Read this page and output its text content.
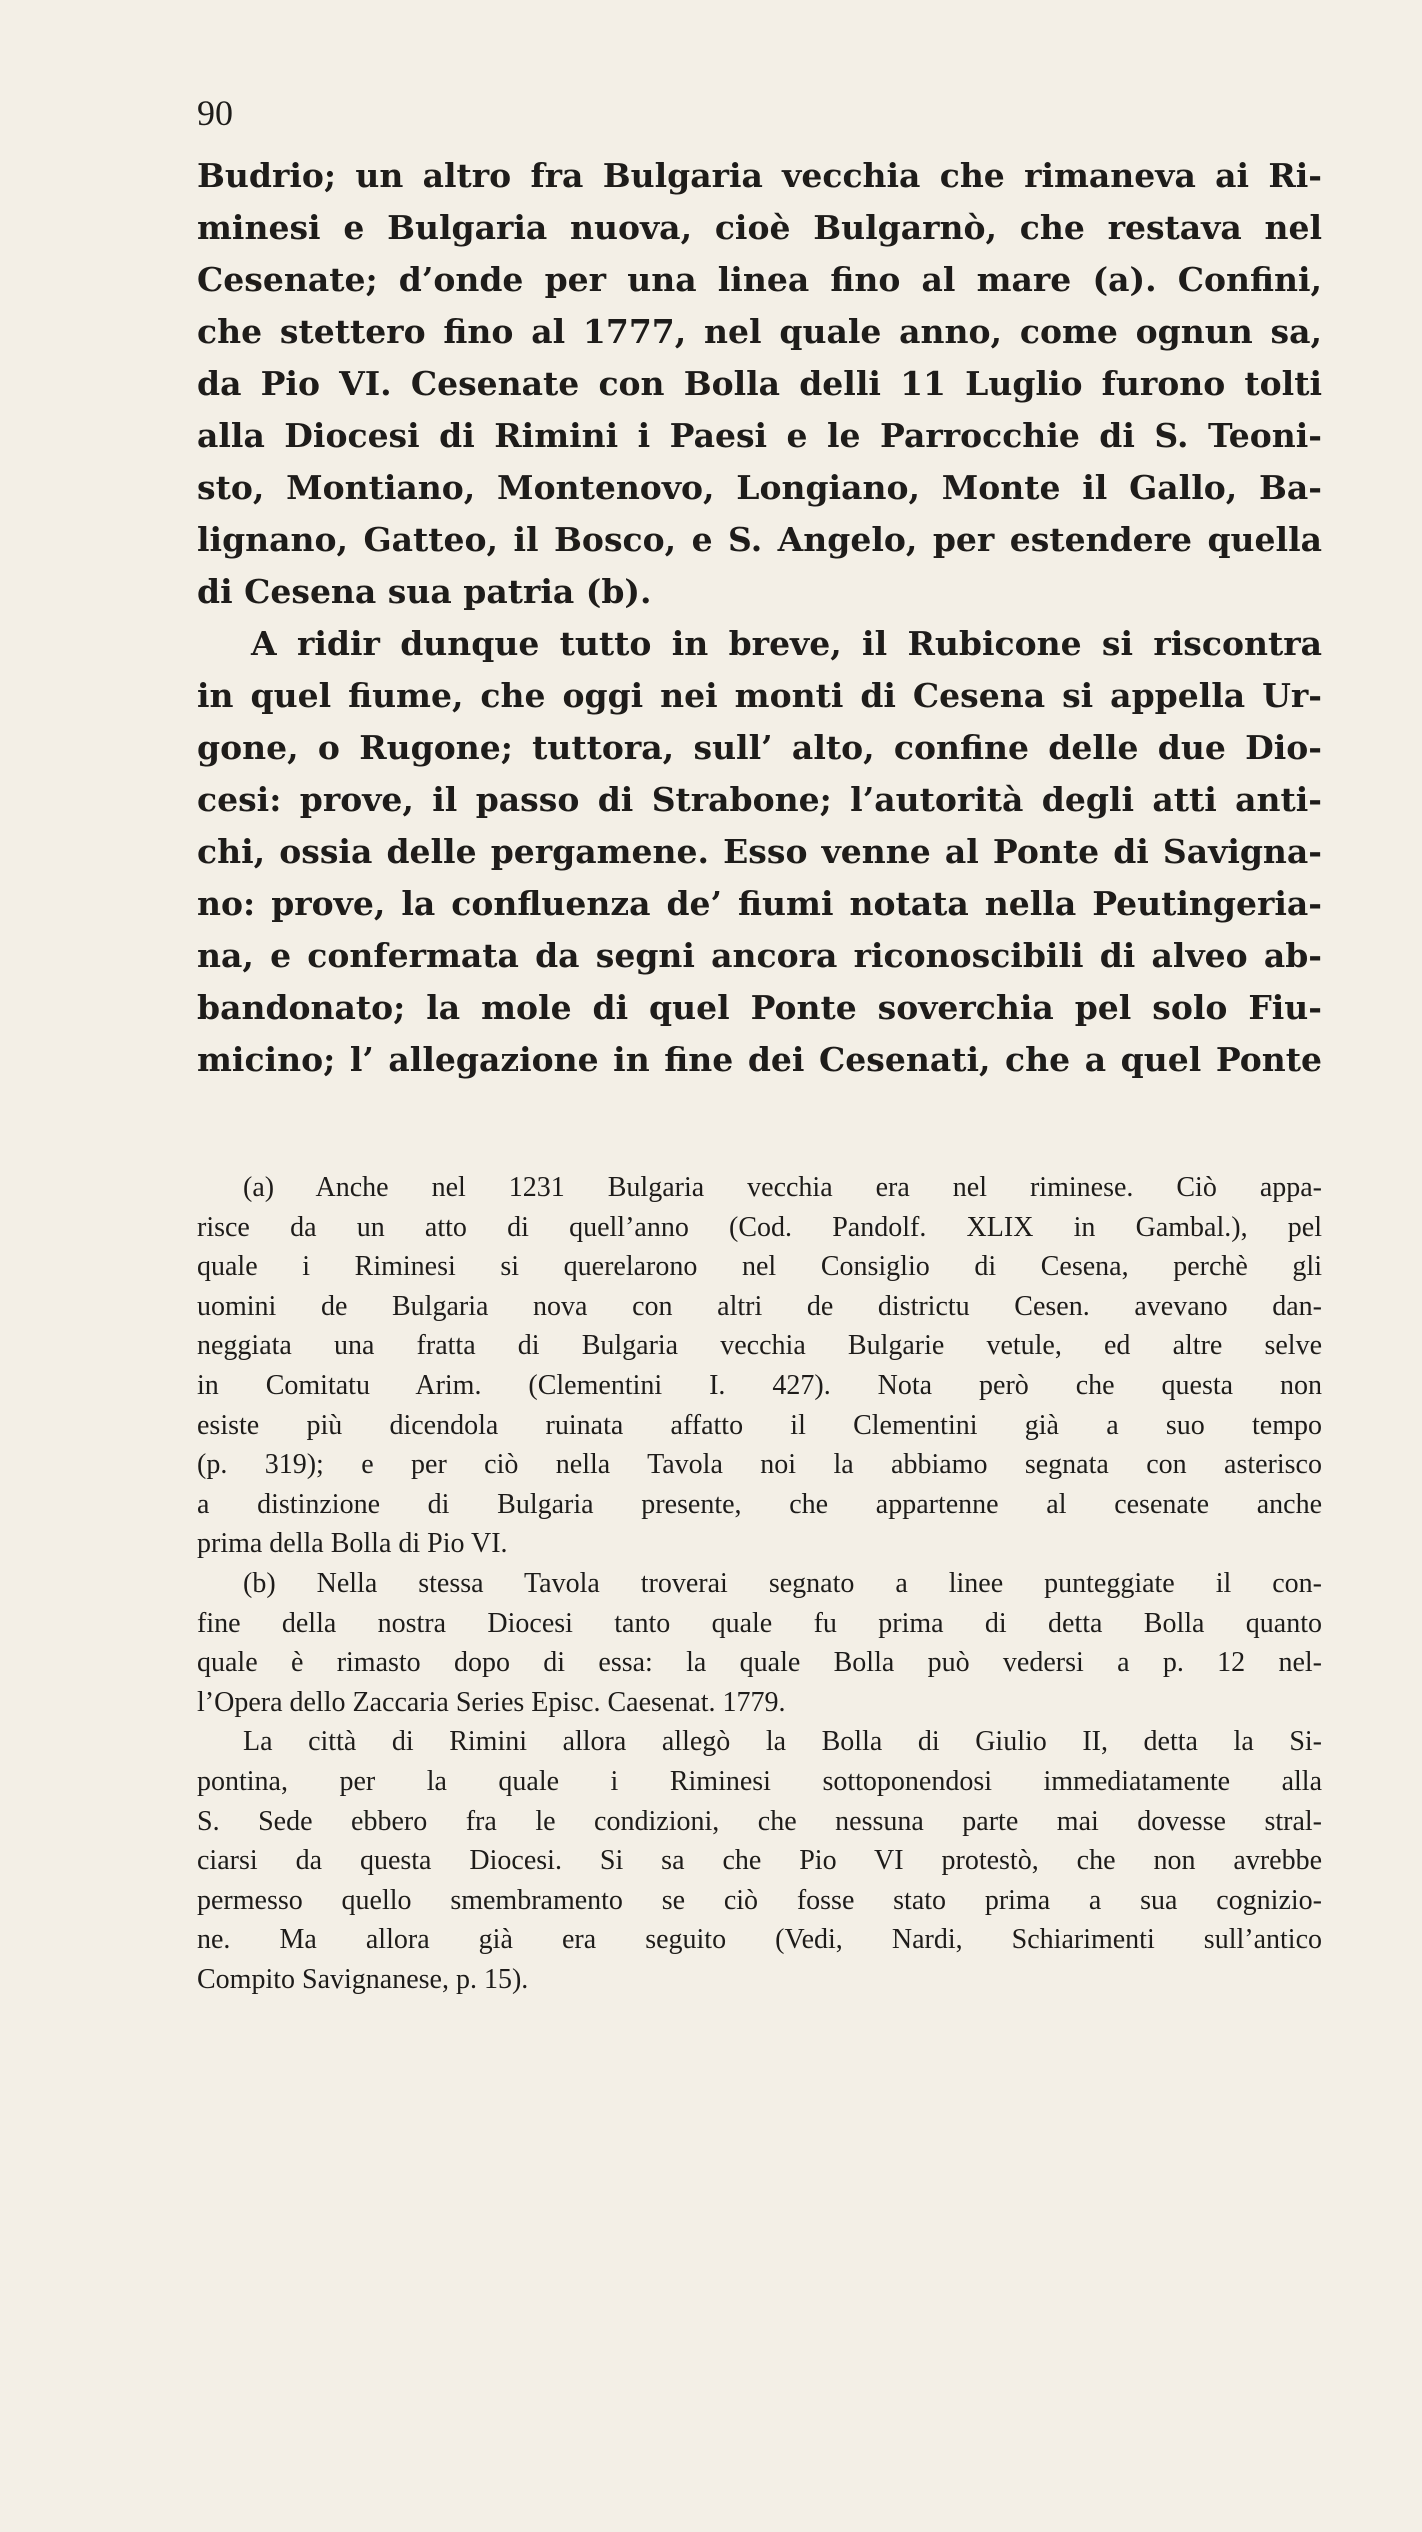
90
Budrio; un altro fra Bulgaria vecchia che rimaneva ai Ri-
minesi e Bulgaria nuova, cioè Bulgarnò, che restava nel
Cesenate; d’onde per una linea fino al mare (a). Confini,
che stettero fino al 1777, nel quale anno, come ognun sa,
da Pio VI. Cesenate con Bolla delli 11 Luglio furono tolti
alla Diocesi di Rimini i Paesi e le Parrocchie di S. Teoni-
sto, Montiano, Montenovo, Longiano, Monte il Gallo, Ba-
lignano, Gatteo, il Bosco, e S. Angelo, per estendere quella
di Cesena sua patria (b).
A ridir dunque tutto in breve, il Rubicone si riscontra
in quel fiume, che oggi nei monti di Cesena si appella Ur-
gone, o Rugone; tuttora, sull’ alto, confine delle due Dio-
cesi: prove, il passo di Strabone; l’autorità degli atti anti-
chi, ossia delle pergamene. Esso venne al Ponte di Savigna-
no: prove, la confluenza de’ fiumi notata nella Peutingeria-
na, e confermata da segni ancora riconoscibili di alveo ab-
bandonato; la mole di quel Ponte soverchia pel solo Fiu-
micino; l’ allegazione in fine dei Cesenati, che a quel Ponte
(a) Anche nel 1231 Bulgaria vecchia era nel riminese. Ciò appa-
risce da un atto di quell’anno (Cod. Pandolf. XLIX in Gambal.), pel
quale i Riminesi si querelarono nel Consiglio di Cesena, perchè gli
uomini de Bulgaria nova con altri de districtu Cesen. avevano dan-
neggiata una fratta di Bulgaria vecchia Bulgarie vetule, ed altre selve
in Comitatu Arim. (Clementini I. 427). Nota però che questa non
esiste più dicendola ruinata affatto il Clementini già a suo tempo
(p. 319); e per ciò nella Tavola noi la abbiamo segnata con asterisco
a distinzione di Bulgaria presente, che appartenne al cesenate anche
prima della Bolla di Pio VI.
(b) Nella stessa Tavola troverai segnato a linee punteggiate il con-
fine della nostra Diocesi tanto quale fu prima di detta Bolla quanto
quale è rimasto dopo di essa: la quale Bolla può vedersi a p. 12 nel-
l’Opera dello Zaccaria Series Episc. Caesenat. 1779.
La città di Rimini allora allegò la Bolla di Giulio II, detta la Si-
pontina, per la quale i Riminesi sottoponendosi immediatamente alla
S. Sede ebbero fra le condizioni, che nessuna parte mai dovesse stral-
ciarsi da questa Diocesi. Si sa che Pio VI protestò, che non avrebbe
permesso quello smembramento se ciò fosse stato prima a sua cognizio-
ne. Ma allora già era seguito (Vedi, Nardi, Schiarimenti sull’antico
Compito Savignanese, p. 15).
